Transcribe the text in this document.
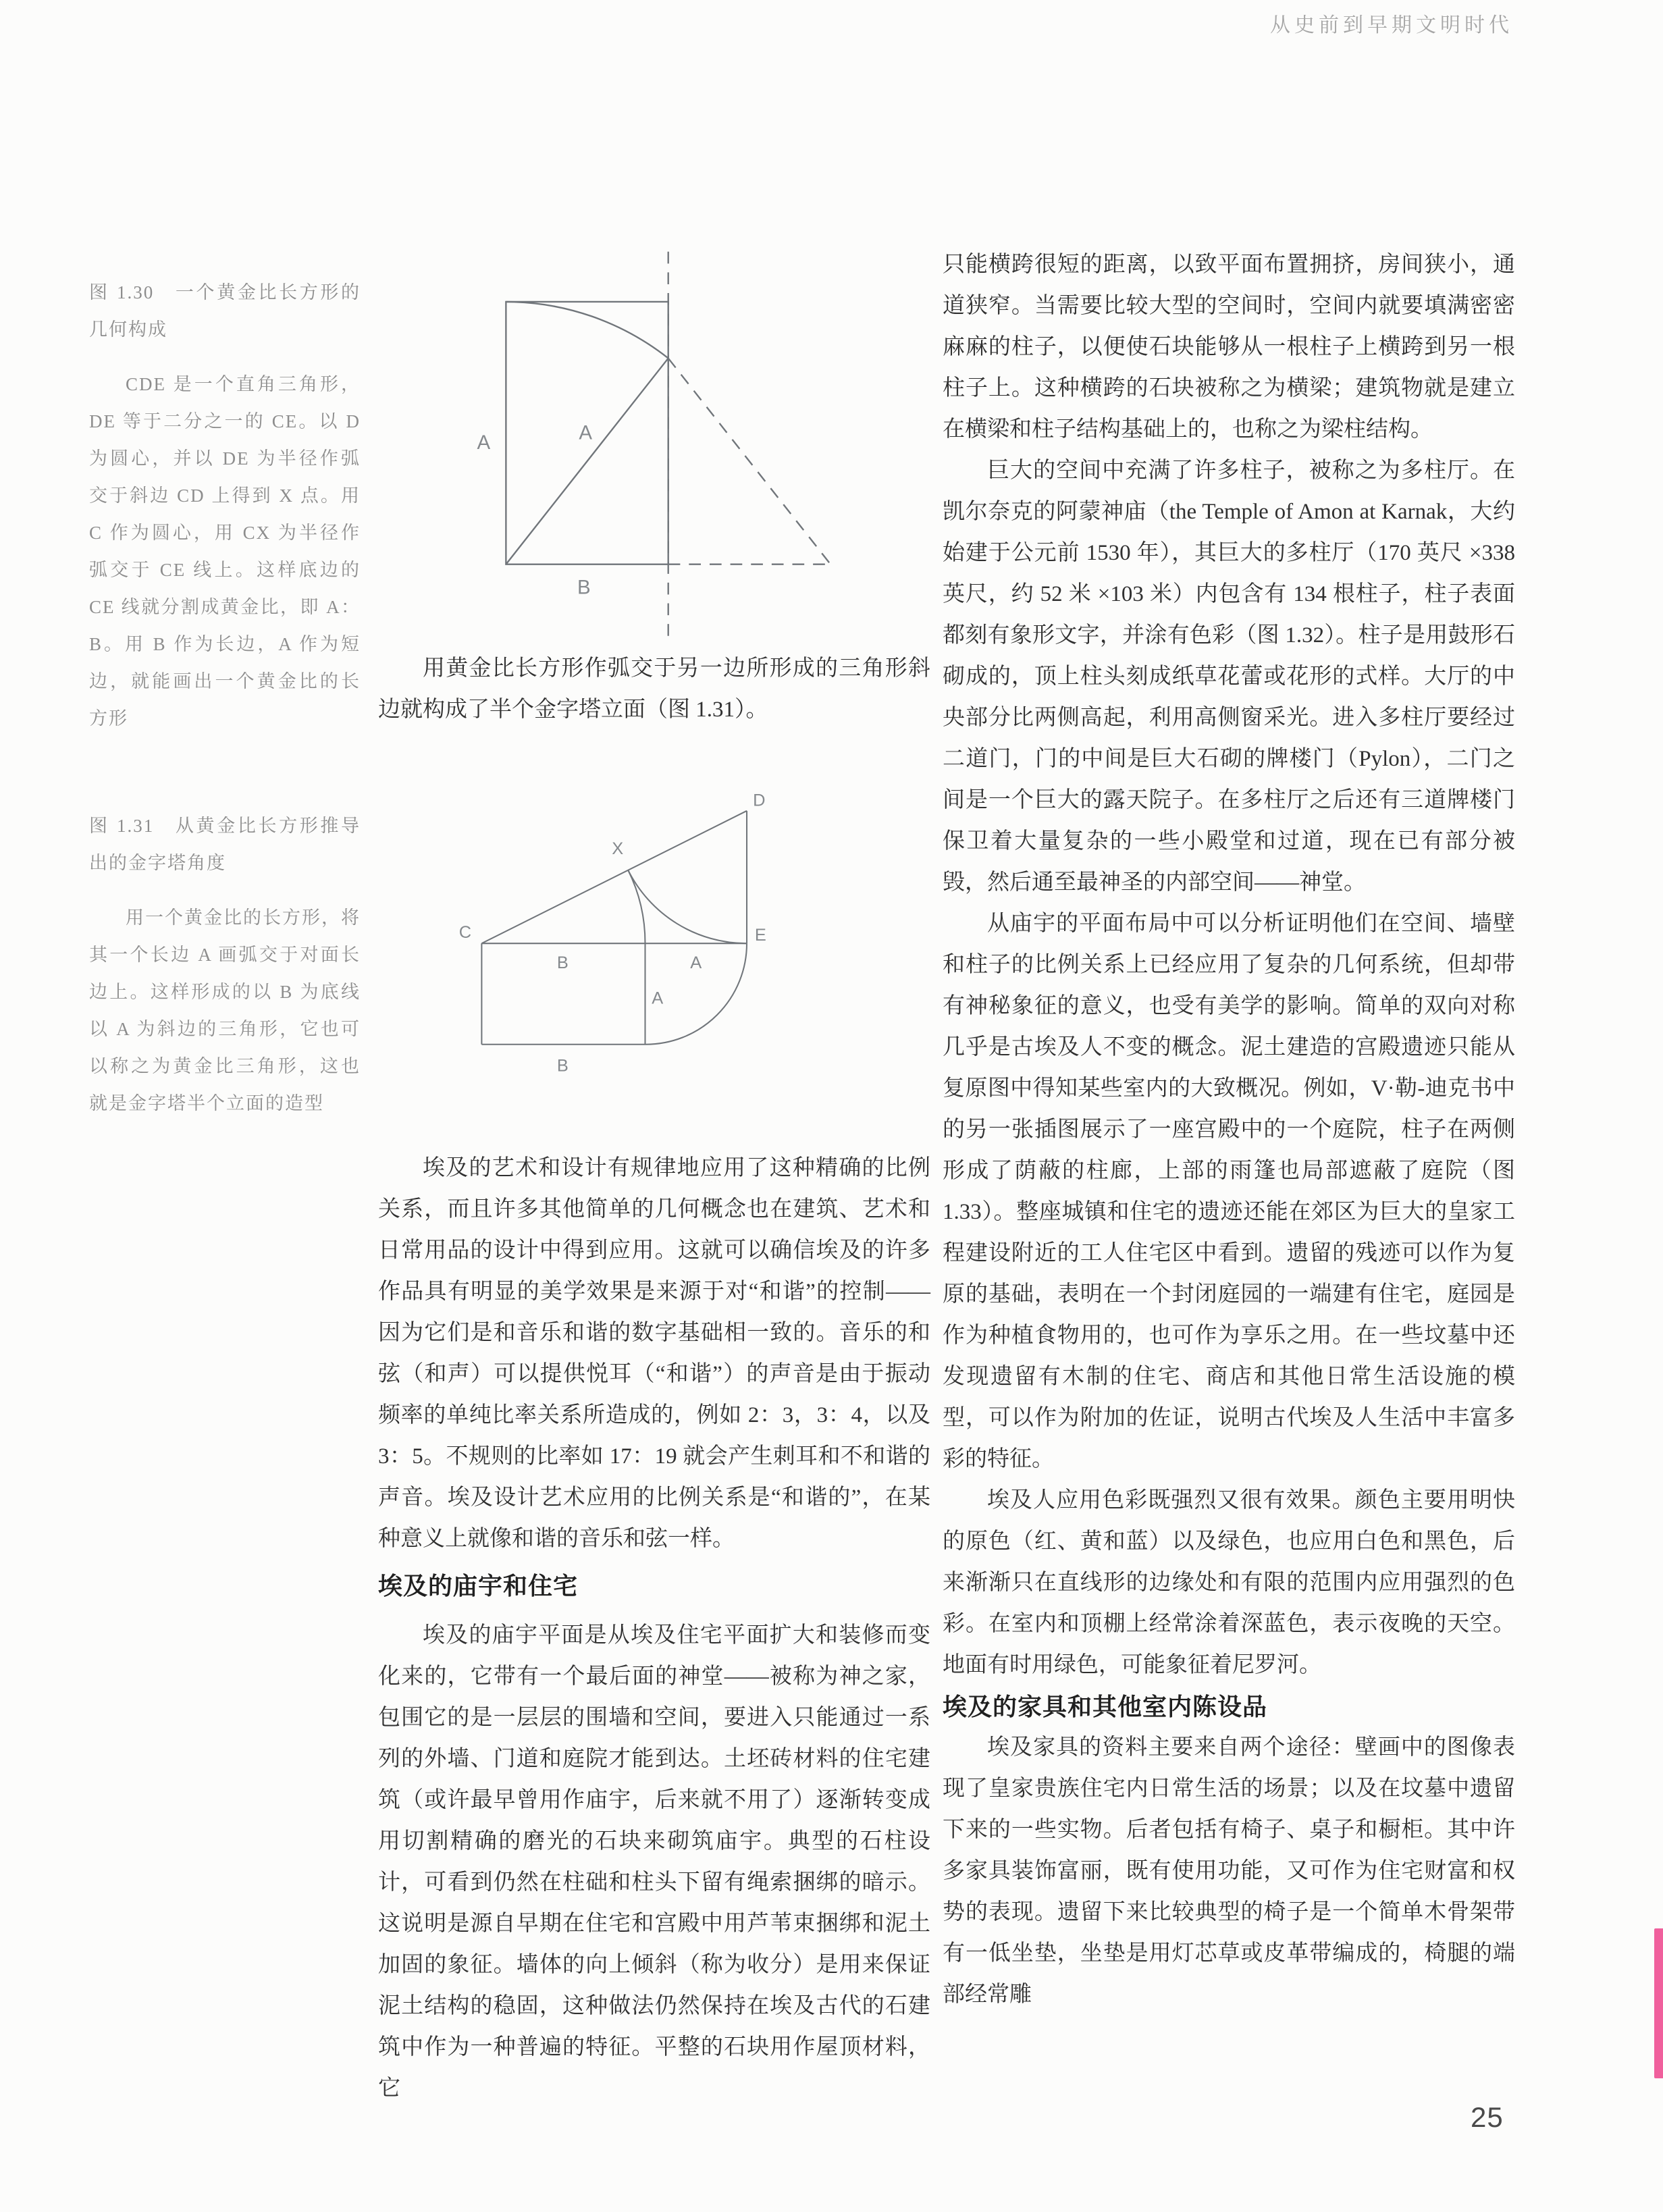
从史前到早期文明时代

图 1.30 一个黄金比长方形的几何构成

CDE 是一个直角三角形，DE 等于二分之一的 CE。以 D 为圆心，并以 DE 为半径作弧交于斜边 CD 上得到 X 点。用 C 作为圆心，用 CX 为半径作弧交于 CE 线上。这样底边的 CE 线就分割成黄金比，即 A：B。用 B 作为长边，A 作为短边，就能画出一个黄金比的长方形

图 1.31 从黄金比长方形推导出的金字塔角度

用一个黄金比的长方形，将其一个长边 A 画弧交于对面长边上。这样形成的以 B 为底线以 A 为斜边的三角形，它也可以称之为黄金比三角形，这也就是金字塔半个立面的造型

A	A
B

用黄金比长方形作弧交于另一边所形成的三角形斜边就构成了半个金字塔立面（图 1.31）。

C
D
E
X
B	A
A
B

埃及的艺术和设计有规律地应用了这种精确的比例关系，而且许多其他简单的几何概念也在建筑、艺术和日常用品的设计中得到应用。这就可以确信埃及的许多作品具有明显的美学效果是来源于对“和谐”的控制——因为它们是和音乐和谐的数字基础相一致的。音乐的和弦（和声）可以提供悦耳（“和谐”）的声音是由于振动频率的单纯比率关系所造成的，例如 2：3，3：4，以及 3：5。不规则的比率如 17：19 就会产生刺耳和不和谐的声音。埃及设计艺术应用的比例关系是“和谐的”，在某种意义上就像和谐的音乐和弦一样。

埃及的庙宇和住宅

埃及的庙宇平面是从埃及住宅平面扩大和装修而变化来的，它带有一个最后面的神堂——被称为神之家，包围它的是一层层的围墙和空间，要进入只能通过一系列的外墙、门道和庭院才能到达。土坯砖材料的住宅建筑（或许最早曾用作庙宇，后来就不用了）逐渐转变成用切割精确的磨光的石块来砌筑庙宇。典型的石柱设计，可看到仍然在柱础和柱头下留有绳索捆绑的暗示。这说明是源自早期在住宅和宫殿中用芦苇束捆绑和泥土加固的象征。墙体的向上倾斜（称为收分）是用来保证泥土结构的稳固，这种做法仍然保持在埃及古代的石建筑中作为一种普遍的特征。平整的石块用作屋顶材料，它

只能横跨很短的距离，以致平面布置拥挤，房间狭小，通道狭窄。当需要比较大型的空间时，空间内就要填满密密麻麻的柱子，以便使石块能够从一根柱子上横跨到另一根柱子上。这种横跨的石块被称之为横梁；建筑物就是建立在横梁和柱子结构基础上的，也称之为梁柱结构。

巨大的空间中充满了许多柱子，被称之为多柱厅。在凯尔奈克的阿蒙神庙（the Temple of Amon at Karnak，大约始建于公元前 1530 年），其巨大的多柱厅（170 英尺 ×338 英尺，约 52 米 ×103 米）内包含有 134 根柱子，柱子表面都刻有象形文字，并涂有色彩（图 1.32）。柱子是用鼓形石砌成的，顶上柱头刻成纸草花蕾或花形的式样。大厅的中央部分比两侧高起，利用高侧窗采光。进入多柱厅要经过二道门，门的中间是巨大石砌的牌楼门（Pylon），二门之间是一个巨大的露天院子。在多柱厅之后还有三道牌楼门保卫着大量复杂的一些小殿堂和过道，现在已有部分被毁，然后通至最神圣的内部空间——神堂。

从庙宇的平面布局中可以分析证明他们在空间、墙壁和柱子的比例关系上已经应用了复杂的几何系统，但却带有神秘象征的意义，也受有美学的影响。简单的双向对称几乎是古埃及人不变的概念。泥土建造的宫殿遗迹只能从复原图中得知某些室内的大致概况。例如，V·勒-迪克书中的另一张插图展示了一座宫殿中的一个庭院，柱子在两侧形成了荫蔽的柱廊，上部的雨篷也局部遮蔽了庭院（图 1.33）。整座城镇和住宅的遗迹还能在郊区为巨大的皇家工程建设附近的工人住宅区中看到。遗留的残迹可以作为复原的基础，表明在一个封闭庭园的一端建有住宅，庭园是作为种植食物用的，也可作为享乐之用。在一些坟墓中还发现遗留有木制的住宅、商店和其他日常生活设施的模型，可以作为附加的佐证，说明古代埃及人生活中丰富多彩的特征。

埃及人应用色彩既强烈又很有效果。颜色主要用明快的原色（红、黄和蓝）以及绿色，也应用白色和黑色，后来渐渐只在直线形的边缘处和有限的范围内应用强烈的色彩。在室内和顶棚上经常涂着深蓝色，表示夜晚的天空。地面有时用绿色，可能象征着尼罗河。

埃及的家具和其他室内陈设品

埃及家具的资料主要来自两个途径：壁画中的图像表现了皇家贵族住宅内日常生活的场景；以及在坟墓中遗留下来的一些实物。后者包括有椅子、桌子和橱柜。其中许多家具装饰富丽，既有使用功能，又可作为住宅财富和权势的表现。遗留下来比较典型的椅子是一个简单木骨架带有一低坐垫，坐垫是用灯芯草或皮革带编成的，椅腿的端部经常雕

25
